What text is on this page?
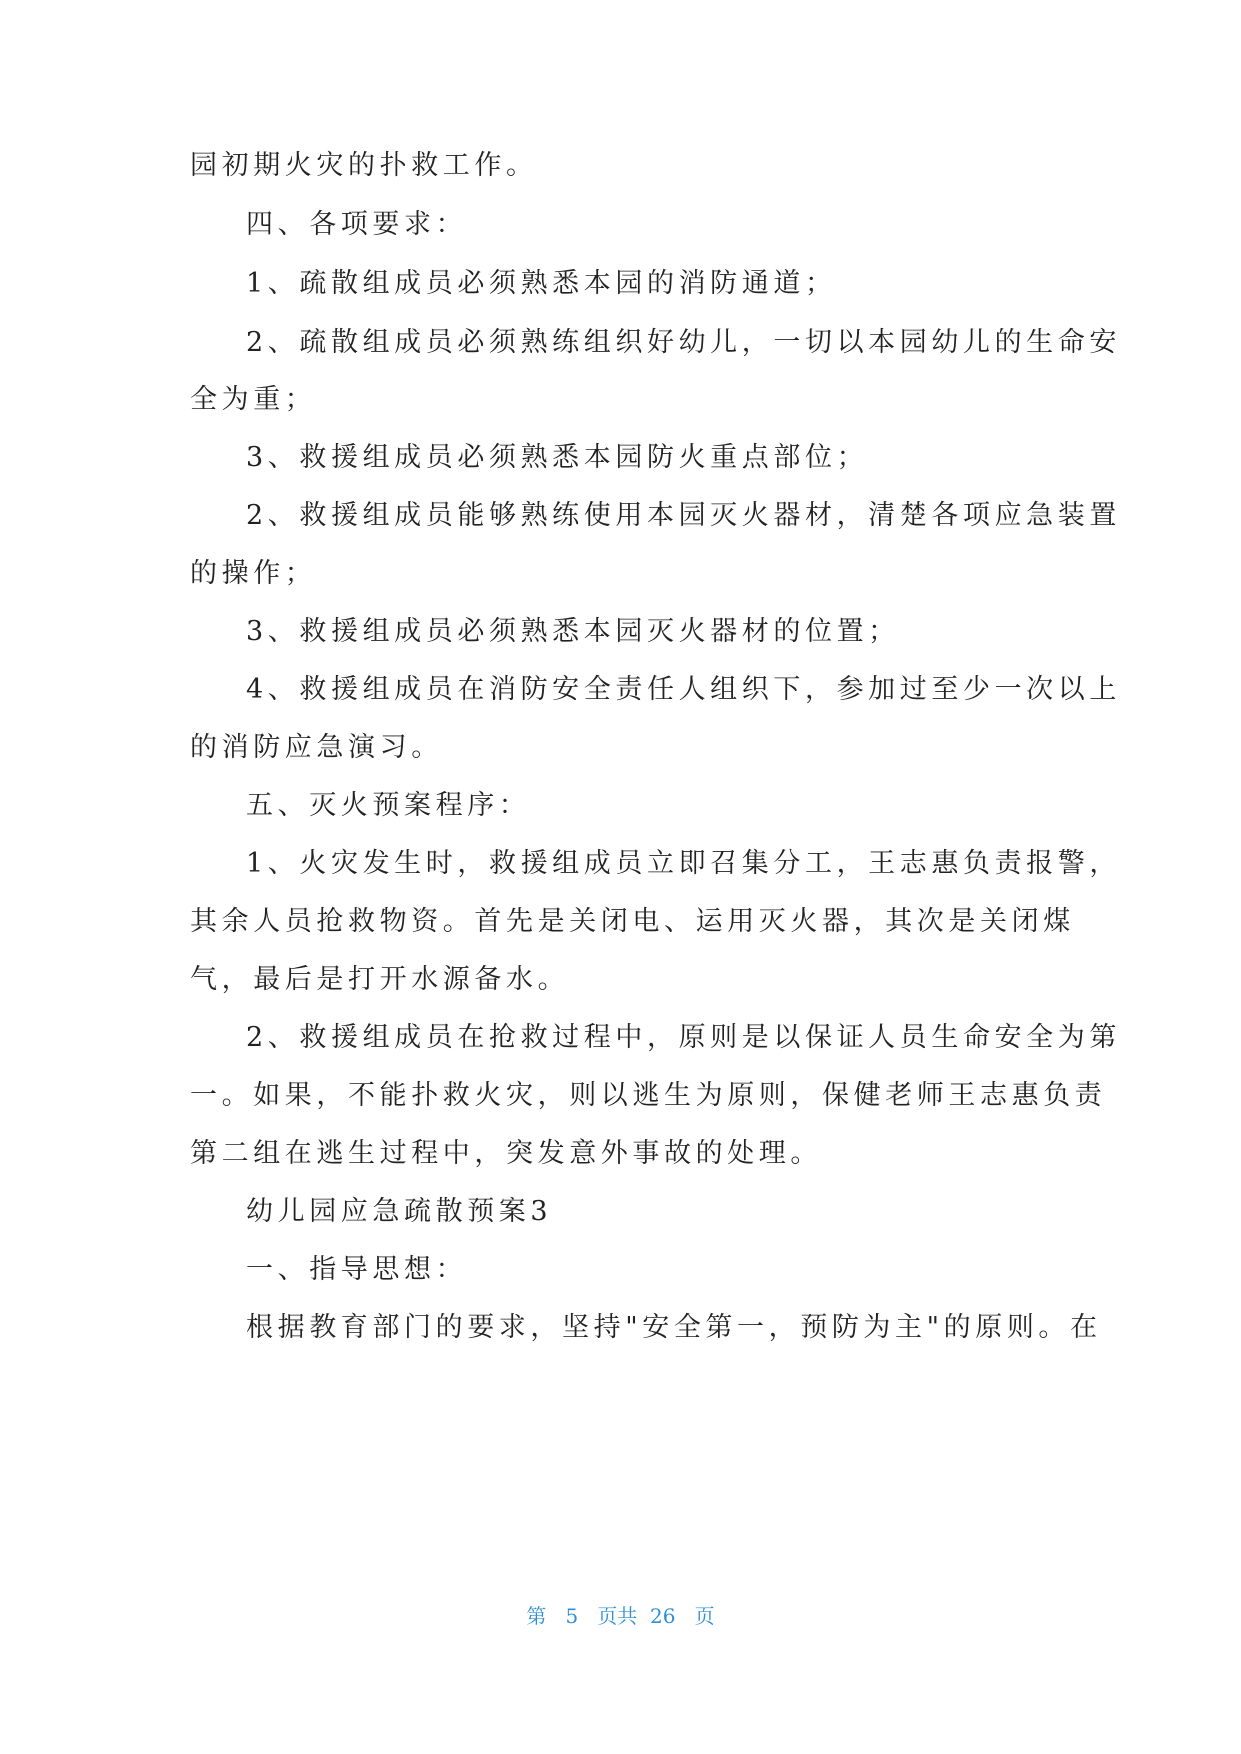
园初期火灾的扑救工作。
四、各项要求：
1、疏散组成员必须熟悉本园的消防通道；
2、疏散组成员必须熟练组织好幼儿，一切以本园幼儿的生命安
全为重；
3、救援组成员必须熟悉本园防火重点部位；
2、救援组成员能够熟练使用本园灭火器材，清楚各项应急装置
的操作；
3、救援组成员必须熟悉本园灭火器材的位置；
4、救援组成员在消防安全责任人组织下，参加过至少一次以上
的消防应急演习。
五、灭火预案程序：
1、火灾发生时，救援组成员立即召集分工，王志惠负责报警，
其余人员抢救物资。首先是关闭电、运用灭火器，其次是关闭煤
气，最后是打开水源备水。
2、救援组成员在抢救过程中，原则是以保证人员生命安全为第
一。如果，不能扑救火灾，则以逃生为原则，保健老师王志惠负责
第二组在逃生过程中，突发意外事故的处理。
幼儿园应急疏散预案3
一、指导思想：
根据教育部门的要求，坚持"安全第一，预防为主"的原则。在
第 5 页共 26 页
